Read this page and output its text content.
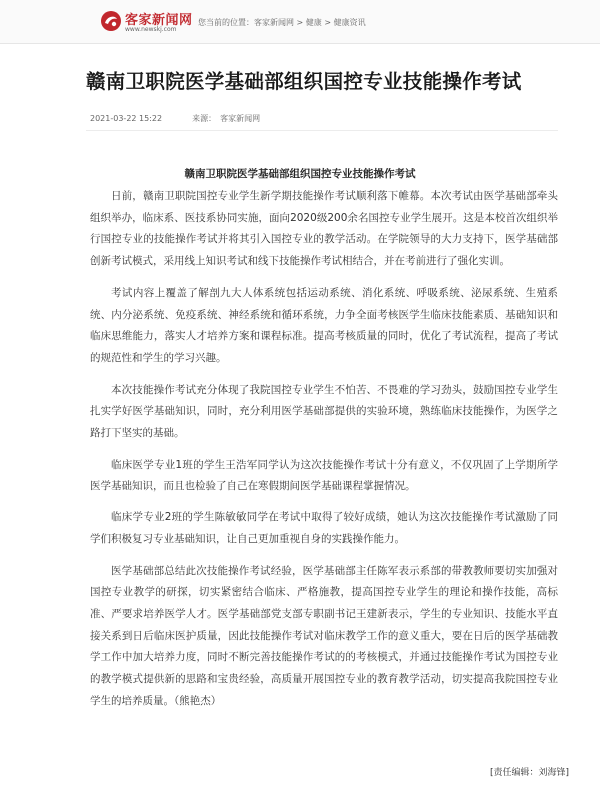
客家新闻网
www.newskj.com
您当前的位置：客家新闻网 > 健康 > 健康资讯
赣南卫职院医学基础部组织国控专业技能操作考试
2021-03-22 15:22	来源： 客家新闻网
赣南卫职院医学基础部组织国控专业技能操作考试

日前，赣南卫职院国控专业学生新学期技能操作考试顺利落下帷幕。本次考试由医学基础部牵头组织举办，临床系、医技系协同实施，面向2020级200余名国控专业学生展开。这是本校首次组织举行国控专业的技能操作考试并将其引入国控专业的教学活动。在学院领导的大力支持下，医学基础部创新考试模式，采用线上知识考试和线下技能操作考试相结合，并在考前进行了强化实训。

考试内容上覆盖了解剖九大人体系统包括运动系统、消化系统、呼吸系统、泌尿系统、生殖系统、内分泌系统、免疫系统、神经系统和循环系统，力争全面考核医学生临床技能素质、基础知识和临床思维能力，落实人才培养方案和课程标准。提高考核质量的同时，优化了考试流程，提高了考试的规范性和学生的学习兴趣。

本次技能操作考试充分体现了我院国控专业学生不怕苦、不畏难的学习劲头，鼓励国控专业学生扎实学好医学基础知识，同时，充分利用医学基础部提供的实验环境，熟练临床技能操作，为医学之路打下坚实的基础。

临床医学专业1班的学生王浩军同学认为这次技能操作考试十分有意义，不仅巩固了上学期所学医学基础知识，而且也检验了自己在寒假期间医学基础课程掌握情况。

临床学专业2班的学生陈敏敏同学在考试中取得了较好成绩，她认为这次技能操作考试激励了同学们积极复习专业基础知识，让自己更加重视自身的实践操作能力。

医学基础部总结此次技能操作考试经验，医学基础部主任陈军表示系部的带教教师要切实加强对国控专业教学的研探，切实紧密结合临床、严格施教，提高国控专业学生的理论和操作技能，高标准、严要求培养医学人才。医学基础部党支部专职副书记王建新表示，学生的专业知识、技能水平直接关系到日后临床医护质量，因此技能操作考试对临床教学工作的意义重大，要在日后的医学基础教学工作中加大培养力度，同时不断完善技能操作考试的的考核模式，并通过技能操作考试为国控专业的教学模式提供新的思路和宝贵经验，高质量开展国控专业的教育教学活动，切实提高我院国控专业学生的培养质量。（熊艳杰）

[责任编辑：刘海锋]
